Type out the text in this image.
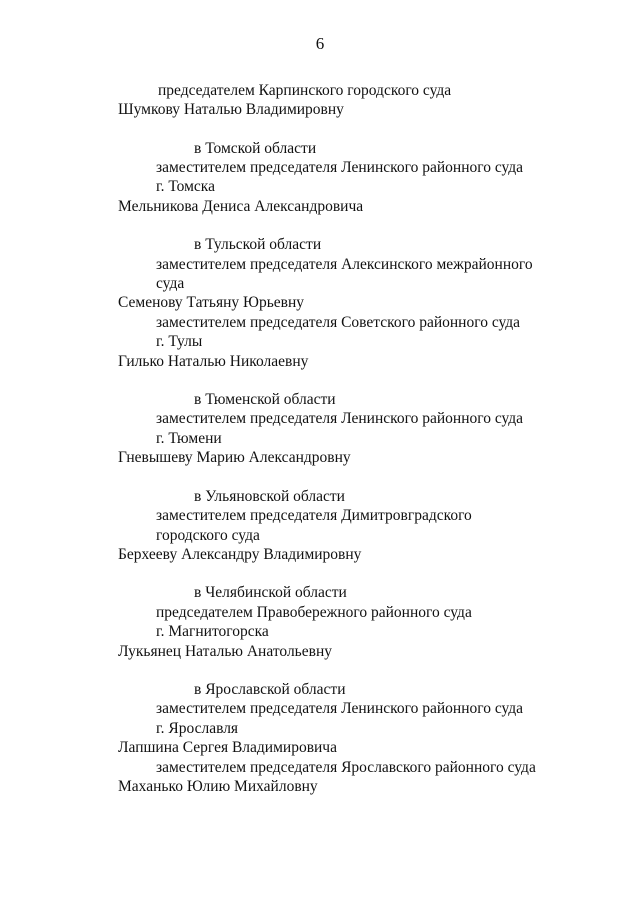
6
председателем Карпинского городского суда
Шумкову Наталью Владимировну
в Томской области
заместителем председателя Ленинского районного суда
г. Томска
Мельникова Дениса Александровича
в Тульской области
заместителем председателя Алексинского межрайонного
суда
Семенову Татьяну Юрьевну
заместителем председателя Советского районного суда
г. Тулы
Гилько Наталью Николаевну
в Тюменской области
заместителем председателя Ленинского районного суда
г. Тюмени
Гневышеву Марию Александровну
в Ульяновской области
заместителем председателя Димитровградского
городского суда
Берхееву Александру Владимировну
в Челябинской области
председателем Правобережного районного суда
г. Магнитогорска
Лукьянец Наталью Анатольевну
в Ярославской области
заместителем председателя Ленинского районного суда
г. Ярославля
Лапшина Сергея Владимировича
заместителем председателя Ярославского районного суда
Маханько Юлию Михайловну
